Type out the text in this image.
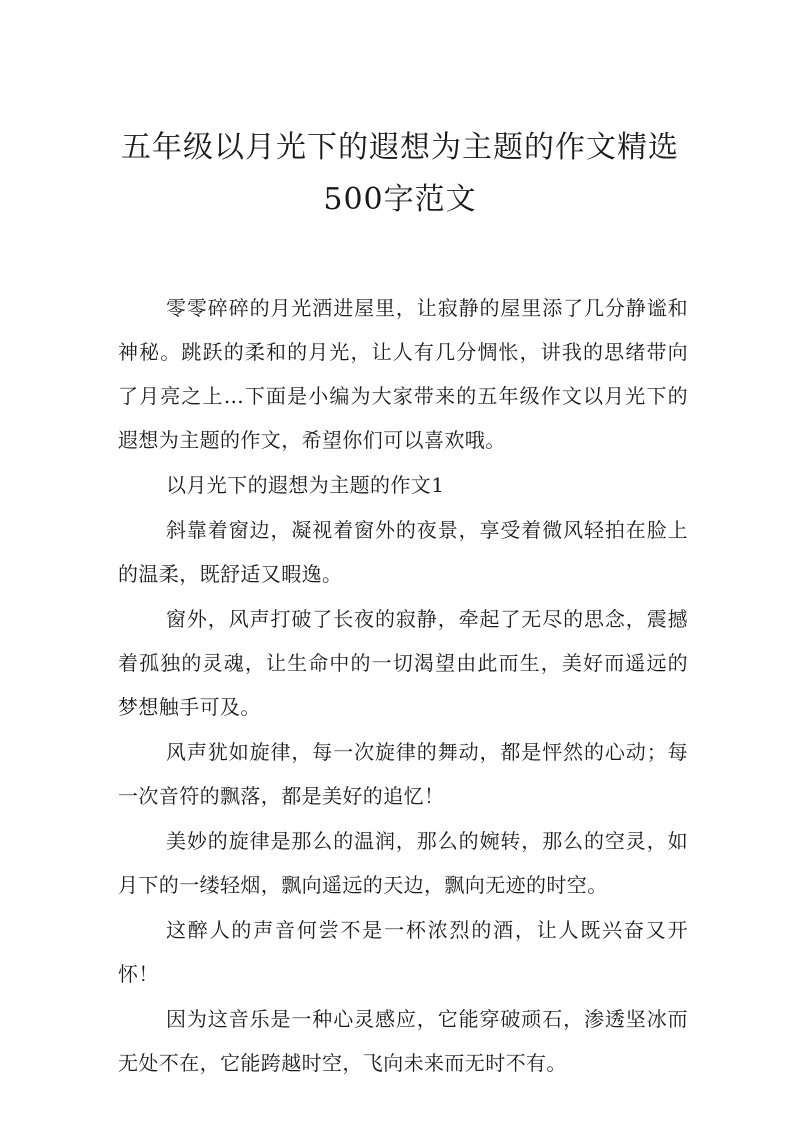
五年级以月光下的遐想为主题的作文精选
500字范文

零零碎碎的月光洒进屋里，让寂静的屋里添了几分静谧和神秘。跳跃的柔和的月光，让人有几分惆怅，讲我的思绪带向了月亮之上…下面是小编为大家带来的五年级作文以月光下的遐想为主题的作文，希望你们可以喜欢哦。

以月光下的遐想为主题的作文1

斜靠着窗边，凝视着窗外的夜景，享受着微风轻拍在脸上的温柔，既舒适又暇逸。

窗外，风声打破了长夜的寂静，牵起了无尽的思念，震撼着孤独的灵魂，让生命中的一切渴望由此而生，美好而遥远的梦想触手可及。

风声犹如旋律，每一次旋律的舞动，都是怦然的心动；每一次音符的飘落，都是美好的追忆！

美妙的旋律是那么的温润，那么的婉转，那么的空灵，如月下的一缕轻烟，飘向遥远的天边，飘向无迹的时空。

这醉人的声音何尝不是一杯浓烈的酒，让人既兴奋又开怀！

因为这音乐是一种心灵感应，它能穿破顽石，渗透坚冰而无处不在，它能跨越时空，飞向未来而无时不有。
